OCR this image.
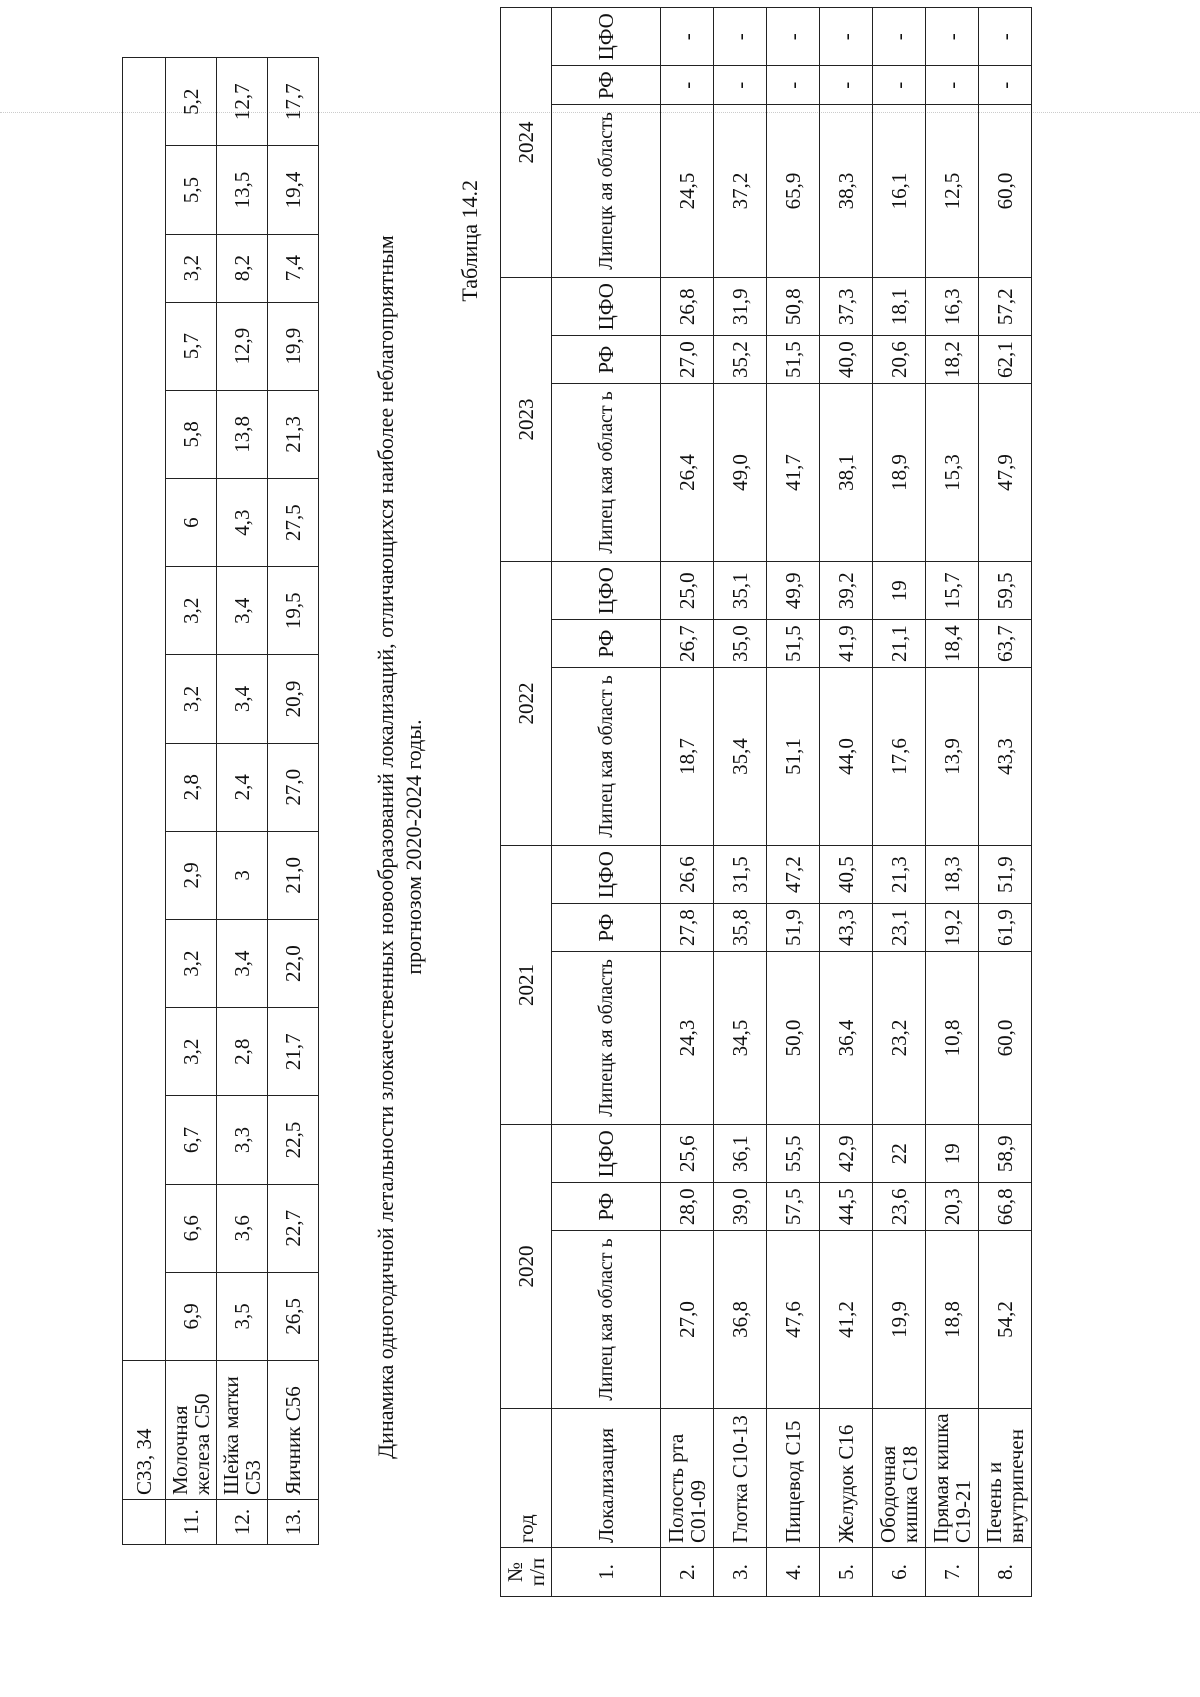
	C33, 34															
11.	Молочная железа С50	6,9	6,6	6,7	3,2	3,2	2,9	2,8	3,2	3,2	6	5,8	5,7	3,2	5,5	5,2
12.	Шейка матки С53	3,5	3,6	3,3	2,8	3,4	3	2,4	3,4	3,4	4,3	13,8	12,9	8,2	13,5	12,7
13.	Яичник С56	26,5	22,7	22,5	21,7	22,0	21,0	27,0	20,9	19,5	27,5	21,3	19,9	7,4	19,4	17,7
Динамика одногодичной летальности злокачественных новообразований локализаций, отличающихся наиболее неблагоприятным прогнозом 2020-2024 годы.
Таблица 14.2
№ п/п	год	2020			2021			2022			2023			2024		
1.	Локализация	Липец кая област ь	РФ	ЦФО	Липецк ая область	РФ	ЦФО	Липец кая област ь	РФ	ЦФО	Липец кая област ь	РФ	ЦФО	Липецк ая область	РФ	ЦФО
2.	Полость рта С01-09	27,0	28,0	25,6	24,3	27,8	26,6	18,7	26,7	25,0	26,4	27,0	26,8	24,5	-	-
3.	Глотка С10-13	36,8	39,0	36,1	34,5	35,8	31,5	35,4	35,0	35,1	49,0	35,2	31,9	37,2	-	-
4.	Пищевод С15	47,6	57,5	55,5	50,0	51,9	47,2	51,1	51,5	49,9	41,7	51,5	50,8	65,9	-	-
5.	Желудок С16	41,2	44,5	42,9	36,4	43,3	40,5	44,0	41,9	39,2	38,1	40,0	37,3	38,3	-	-
6.	Ободочная кишка С18	19,9	23,6	22	23,2	23,1	21,3	17,6	21,1	19	18,9	20,6	18,1	16,1	-	-
7.	Прямая кишка С19-21	18,8	20,3	19	10,8	19,2	18,3	13,9	18,4	15,7	15,3	18,2	16,3	12,5	-	-
8.	Печень и внутрипечен	54,2	66,8	58,9	60,0	61,9	51,9	43,3	63,7	59,5	47,9	62,1	57,2	60,0	-	-
